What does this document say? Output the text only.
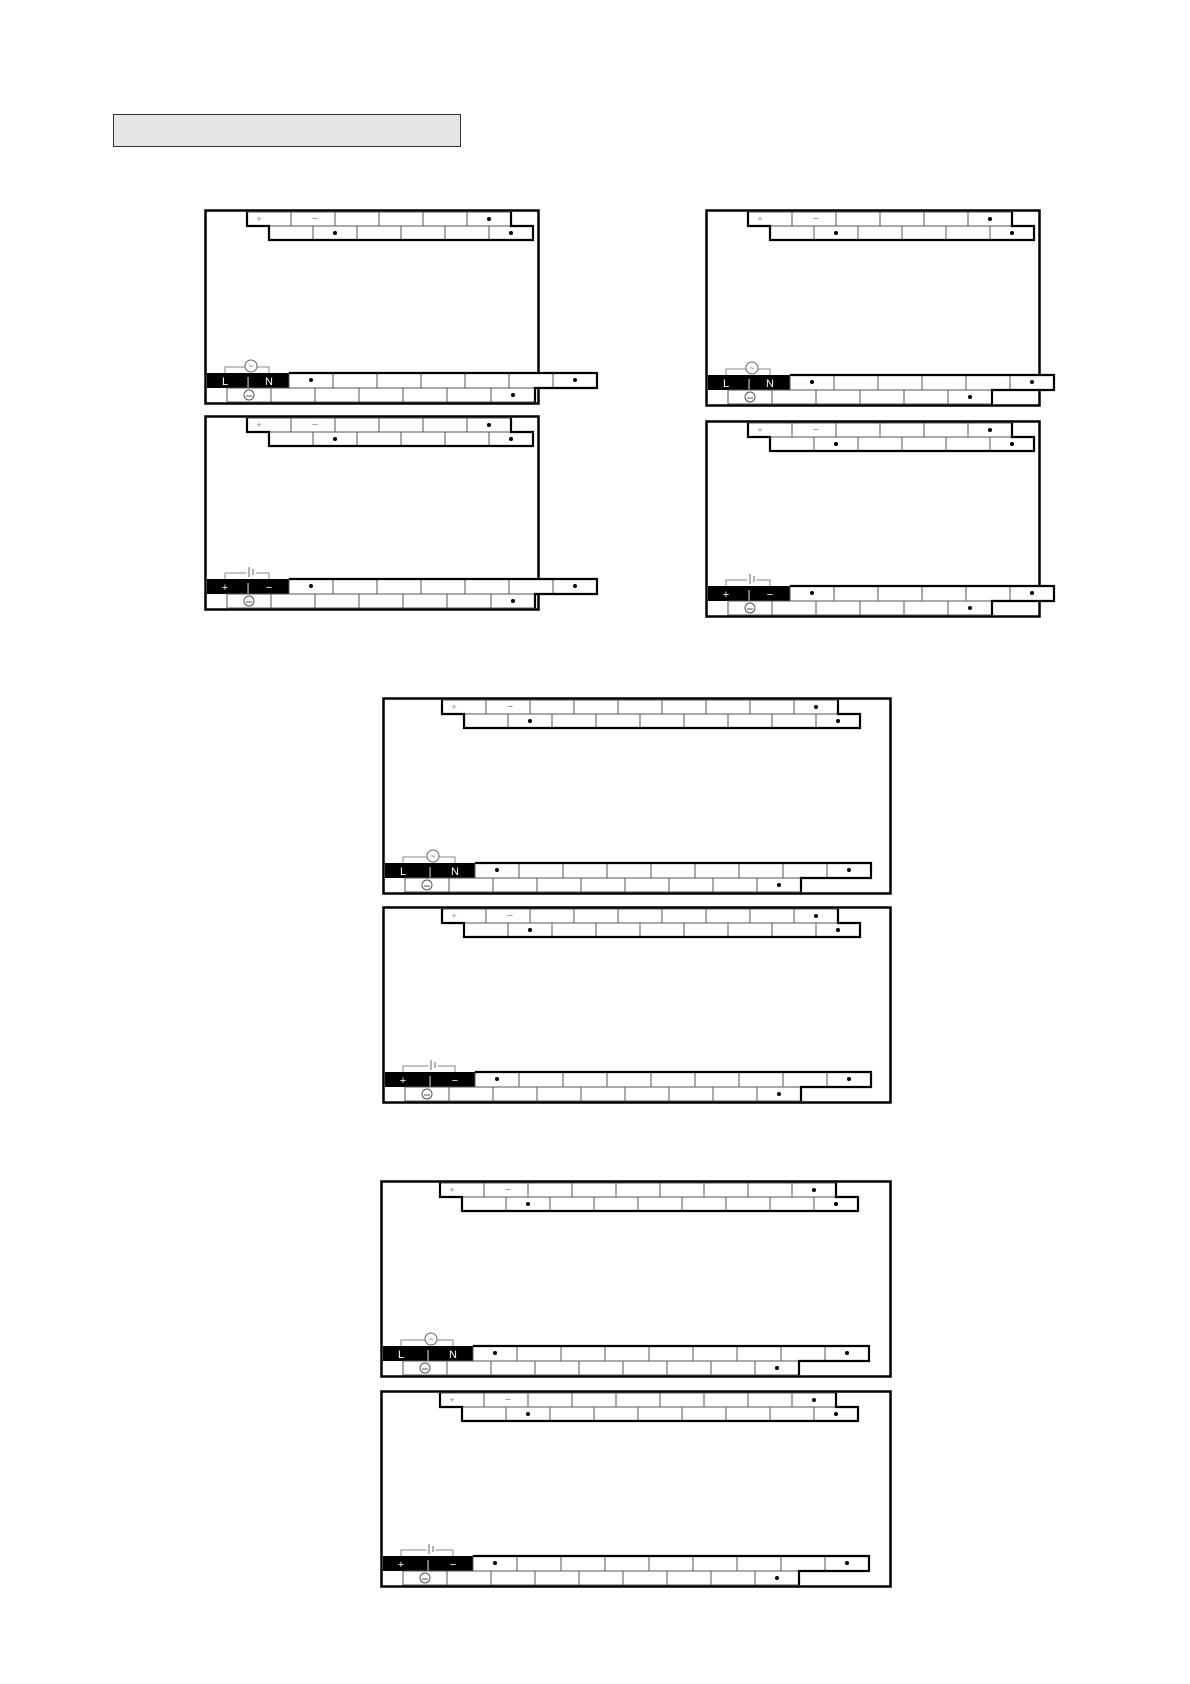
+	−
L | N
~
+	−
+ | −
+	−
L | N
~
+	−
+ | −
+	−
L | N
~
+	−
+ | −
+	−
L | N
~
+	−
+ | −
